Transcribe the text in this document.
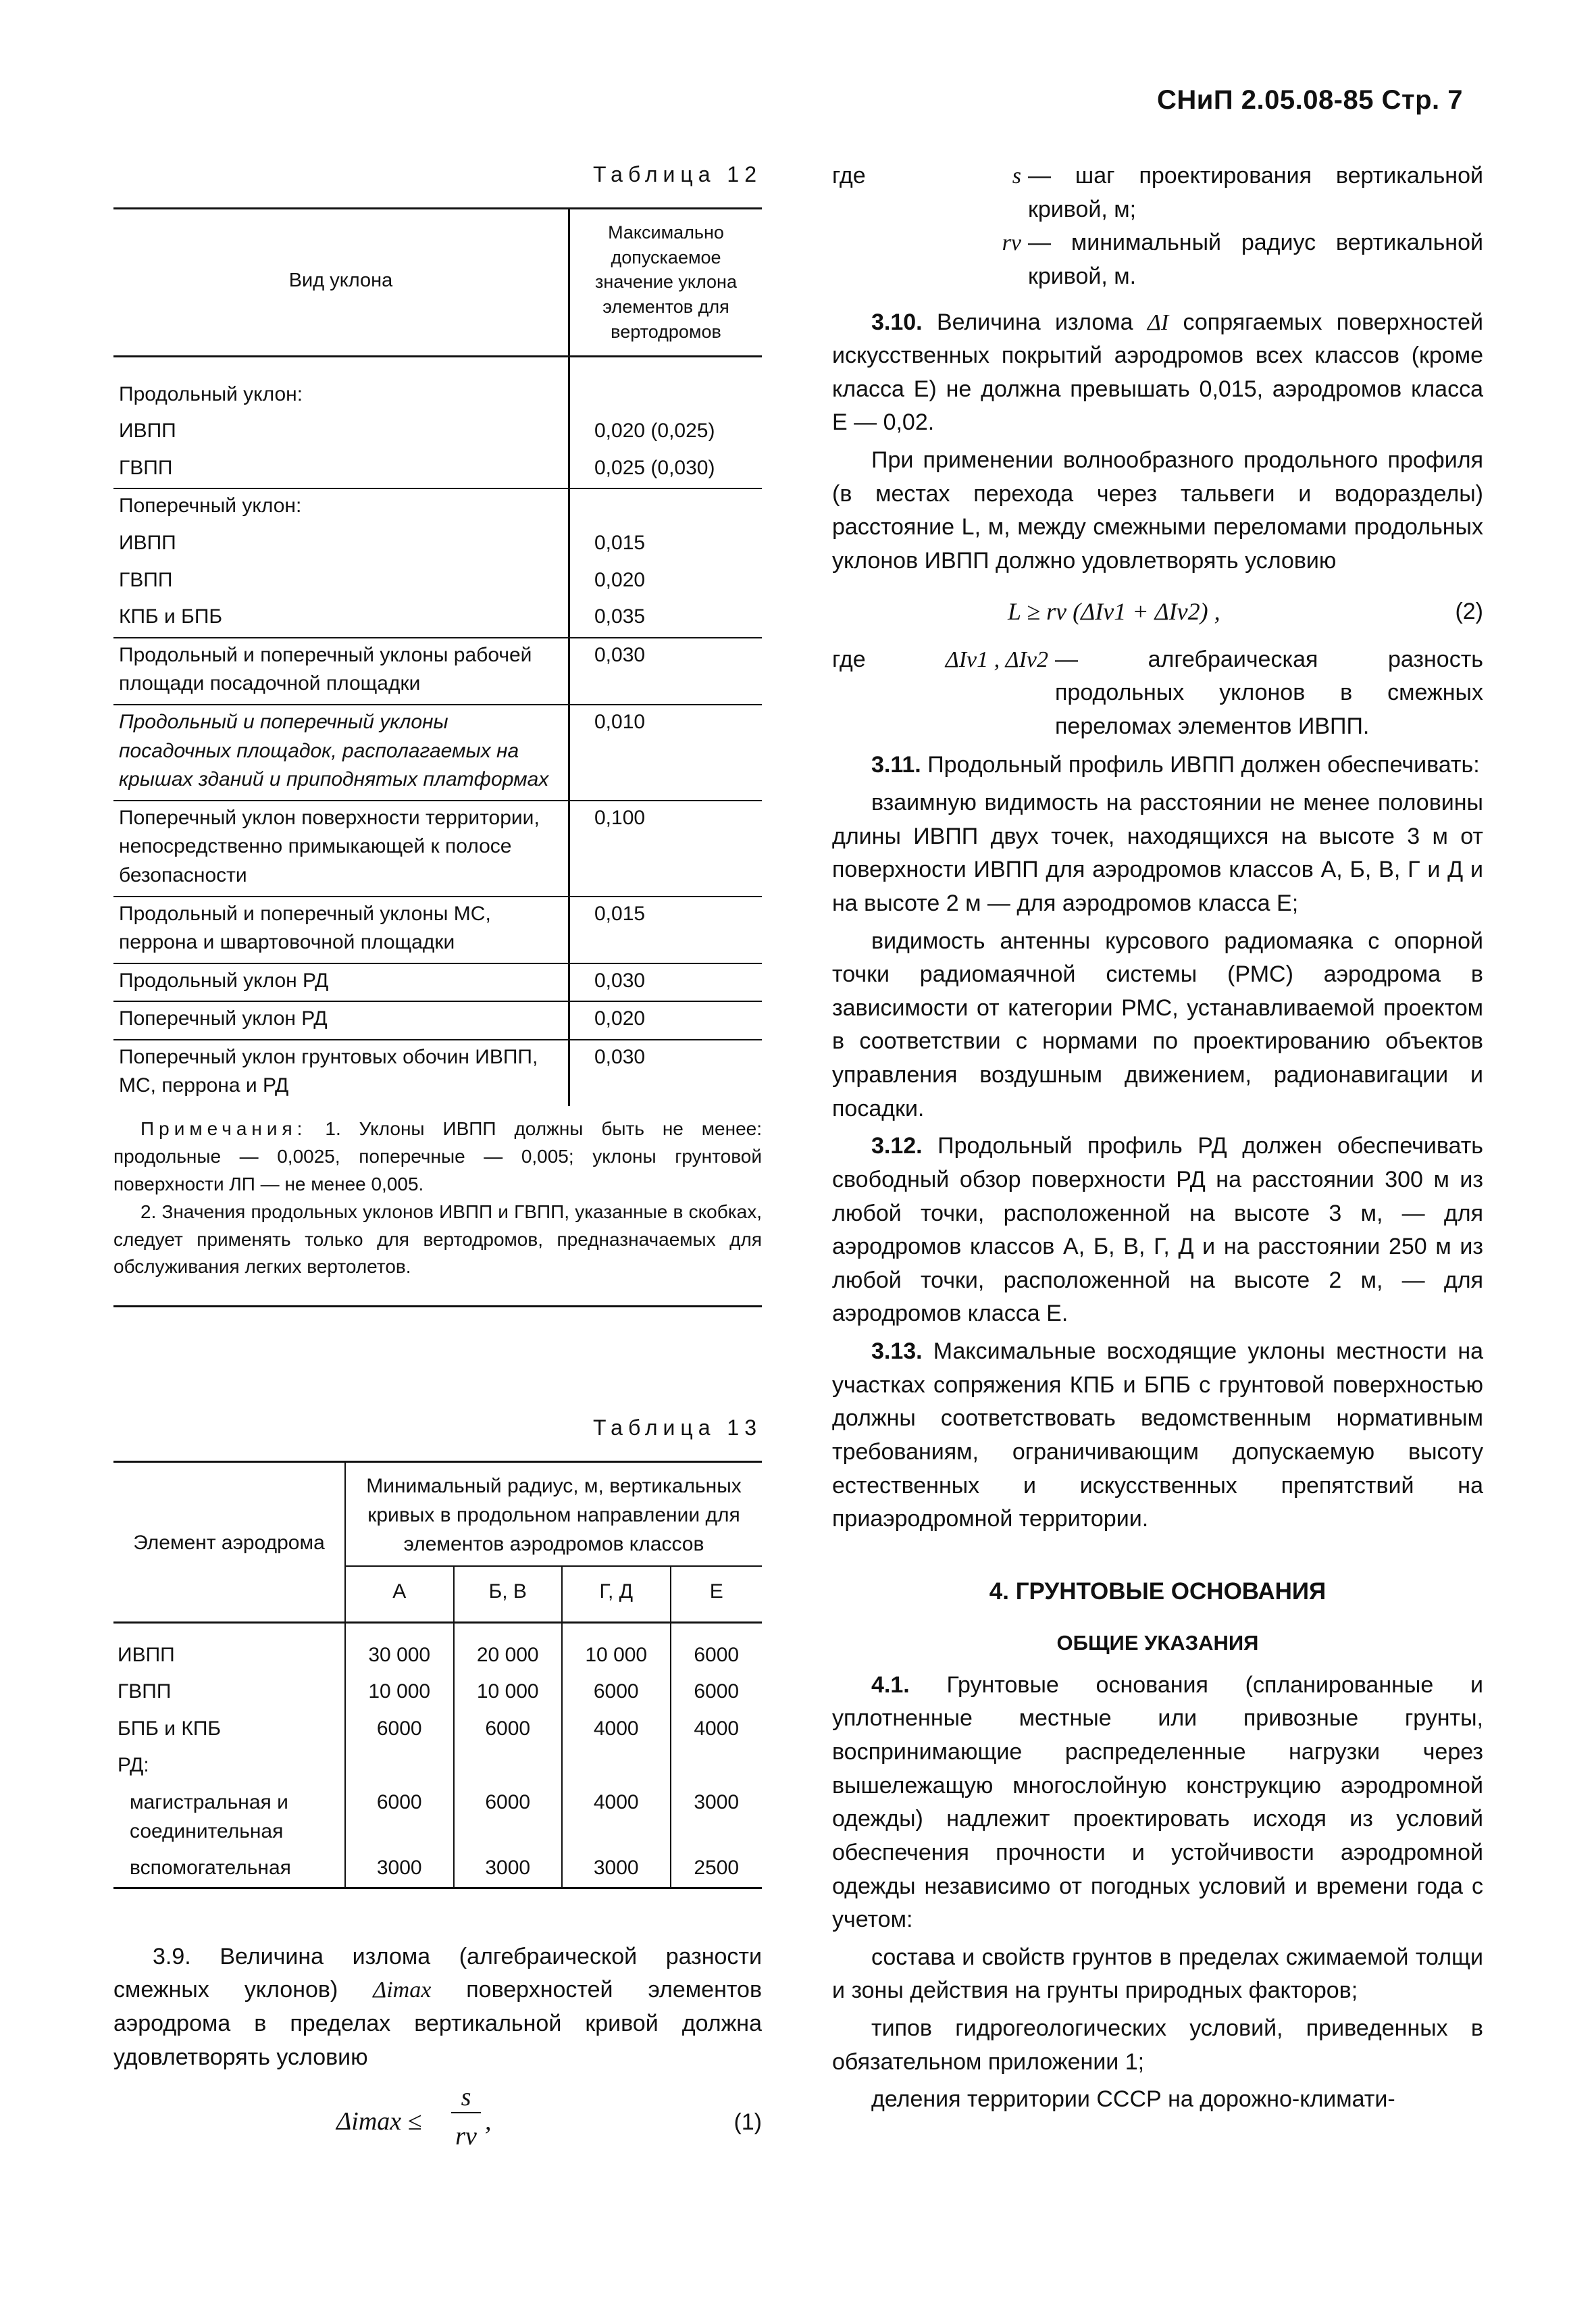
СНиП 2.05.08-85 Стр. 7
Таблица 12
Вид уклона	Максимально допускаемое значение уклона элементов для вертодромов
Продольный уклон:	
ИВПП	0,020 (0,025)
ГВПП	0,025 (0,030)
Поперечный уклон:	
ИВПП	0,015
ГВПП	0,020
КПБ и БПБ	0,035
Продольный и поперечный уклоны рабочей площади посадочной площадки	0,030
Продольный и поперечный уклоны посадочных площадок, располагаемых на крышах зданий и приподнятых платформах	0,010
Поперечный уклон поверхности территории, непосредственно примыкающей к полосе безопасности	0,100
Продольный и поперечный уклоны МС, перрона и швартовочной площадки	0,015
Продольный уклон РД	0,030
Поперечный уклон РД	0,020
Поперечный уклон грунтовых обочин ИВПП, МС, перрона и РД	0,030

Примечания: 1. Уклоны ИВПП должны быть не менее: продольные — 0,0025, поперечные — 0,005; уклоны грунтовой поверхности ЛП — не менее 0,005.

2. Значения продольных уклонов ИВПП и ГВПП, указанные в скобках, следует применять только для вертодромов, предназначаемых для обслуживания легких вертолетов.

Таблица 13
Элемент аэродрома	Минимальный радиус, м, вертикальных кривых в продольном направлении для элементов аэродромов классов			
	А	Б, В	Г, Д	Е
ИВПП	30 000	20 000	10 000	6000
ГВПП	10 000	10 000	6000	6000
БПБ и КПБ	6000	6000	4000	4000
РД:				
магистральная и соединительная	6000	6000	4000	3000
вспомогательная	3000	3000	3000	2500

3.9. Величина излома (алгебраической разности смежных уклонов) Δimax поверхностей элементов аэродрома в пределах вертикальной кривой должна удовлетворять условию

Δimax ≤
s
rv
,	(1)
где	s — шаг проектирования вертикальной кривой, м;
rv — минимальный радиус вертикальной кривой, м.

3.10. Величина излома ΔI сопрягаемых поверхностей искусственных покрытий аэродромов всех классов (кроме класса Е) не должна превышать 0,015, аэродромов класса Е — 0,02.

При применении волнообразного продольного профиля (в местах перехода через тальвеги и водоразделы) расстояние L, м, между смежными переломами продольных уклонов ИВПП должно удовлетворять условию

L ≥ rv (ΔIv1 + ΔIv2) ,	(2)
где	ΔIv1 , ΔIv2 — алгебраическая разность продольных уклонов в смежных переломах элементов ИВПП.

3.11. Продольный профиль ИВПП должен обеспечивать:

взаимную видимость на расстоянии не менее половины длины ИВПП двух точек, находящихся на высоте 3 м от поверхности ИВПП для аэродромов классов А, Б, В, Г и Д и на высоте 2 м — для аэродромов класса Е;

видимость антенны курсового радиомаяка с опорной точки радиомаячной системы (РМС) аэродрома в зависимости от категории РМС, устанавливаемой проектом в соответствии с нормами по проектированию объектов управления воздушным движением, радионавигации и посадки.

3.12. Продольный профиль РД должен обеспечивать свободный обзор поверхности РД на расстоянии 300 м из любой точки, расположенной на высоте 3 м, — для аэродромов классов А, Б, В, Г, Д и на расстоянии 250 м из любой точки, расположенной на высоте 2 м, — для аэродромов класса Е.

3.13. Максимальные восходящие уклоны местности на участках сопряжения КПБ и БПБ с грунтовой поверхностью должны соответствовать ведомственным нормативным требованиям, ограничивающим допускаемую высоту естественных и искусственных препятствий на приаэродромной территории.

4. ГРУНТОВЫЕ ОСНОВАНИЯ
ОБЩИЕ УКАЗАНИЯ

4.1. Грунтовые основания (спланированные и уплотненные местные или привозные грунты, воспринимающие распределенные нагрузки через вышележащую многослойную конструкцию аэродромной одежды) надлежит проектировать исходя из условий обеспечения прочности и устойчивости аэродромной одежды независимо от погодных условий и времени года с учетом:

состава и свойств грунтов в пределах сжимаемой толщи и зоны действия на грунты природных факторов;

типов гидрогеологических условий, приведенных в обязательном приложении 1;

деления территории СССР на дорожно-климати-
